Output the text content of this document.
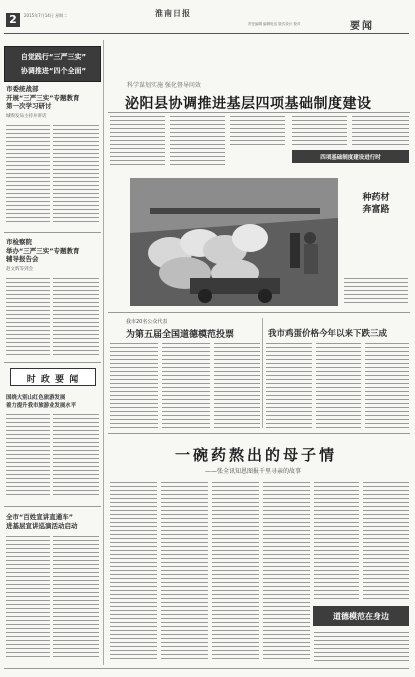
2	2015年7月14日 星期二	淮南日报
责任编辑 编辑电话 版式设计 校对	要闻
自觉践行“三严三实”
协调推进“四个全面”
市委统战部
开展“三严三实”专题教育
第一次学习研讨
城购发局主持并讲话
市检察院
举办“三严三实”专题教育
辅导报告会
赵文辉等到会
时 政 要 闻
国绕大别山红色旅游发展
着力提升我市旅游业发展水平
全市“百姓宣讲直通车”
进基层宣讲巡演活动启动
科学谋划实施 强化督导问效
泌阳县协调推进基层四项基础制度建设
四项基础制度建设进行时
种药材
奔富路
我市20名公众代表
为第五届全国道德模范投票	我市鸡蛋价格今年以来下跌三成
一碗药熬出的母子情
——张全讯知恩图报千里寻亲的故事
道德模范在身边
